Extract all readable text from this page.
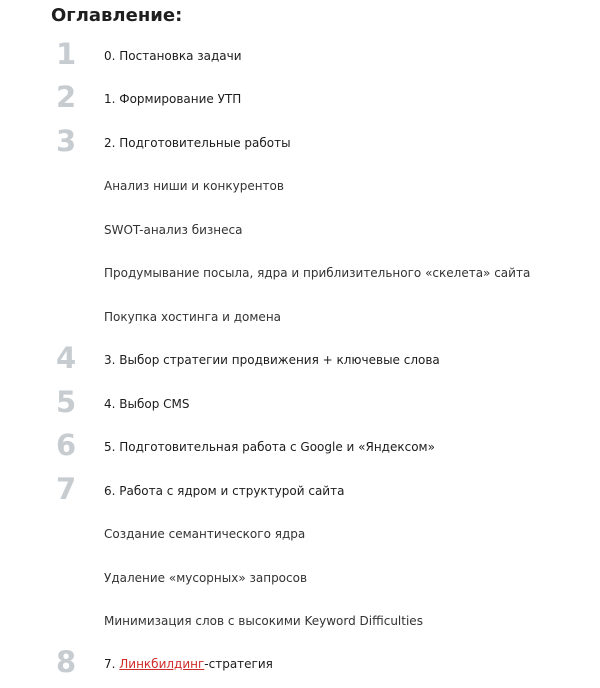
Оглавление:
1	0. Постановка задачи
2	1. Формирование УТП
3	2. Подготовительные работы
Анализ ниши и конкурентов
SWOT-анализ бизнеса
Продумывание посыла, ядра и приблизительного «скелета» сайта
Покупка хостинга и домена
4	3. Выбор стратегии продвижения + ключевые слова
5	4. Выбор CMS
6	5. Подготовительная работа с Google и «Яндексом»
7	6. Работа с ядром и структурой сайта
Создание семантического ядра
Удаление «мусорных» запросов
Минимизация слов с высокими Keyword Difficulties
8	7. Линкбилдинг-стратегия
